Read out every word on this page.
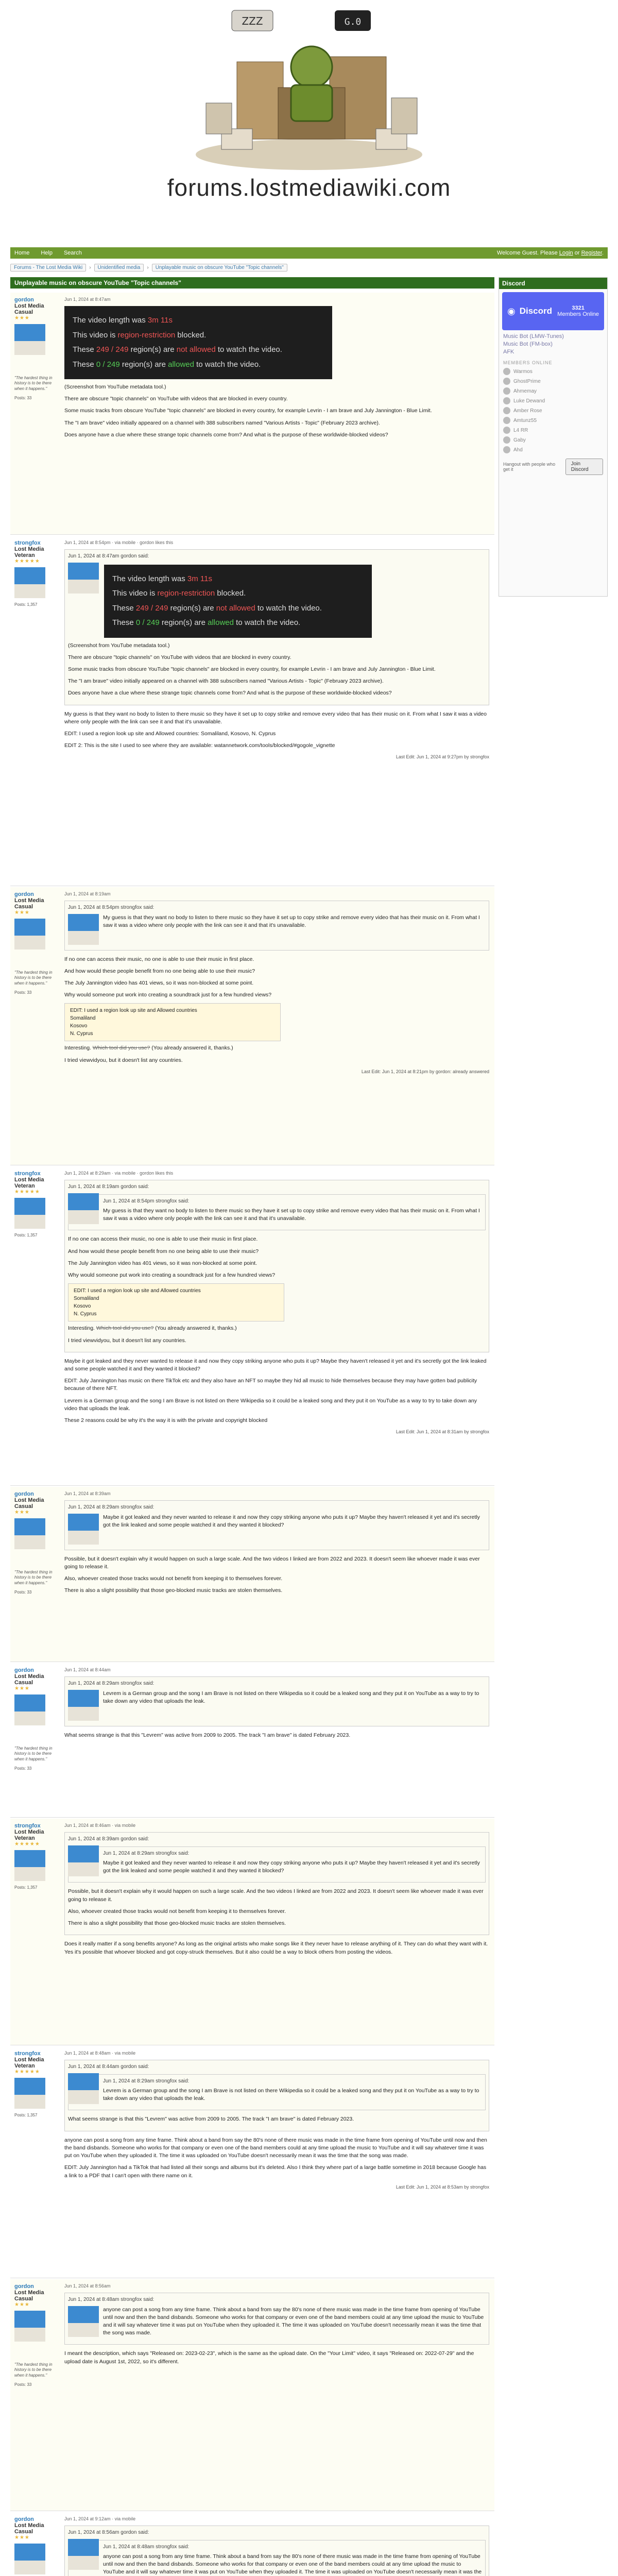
ZZZ	G.0
forums.lostmediawiki.com
Home Help Search	Welcome Guest. Please Login or Register.
Forums - The Lost Media Wiki	›	Unidentified media	›	Unplayable music on obscure YouTube "Topic channels"
Unplayable music on obscure YouTube "Topic channels"	Discord
◉ Discord	3321
Members Online
Music Bot (LMW-Tunes)
Music Bot (FM-box)
AFK
MEMBERS ONLINE
Warmos
GhostPrime
Ahmemay
Luke Dewand
Amber Rose
Amtunz55
L4 RR
Gaby
Ahd
Hangout with people who get it
Join Discord
gordon
Lost Media Casual
★★★
"The hardest thing in history is to be there when it happens."
Posts: 33
Jun 1, 2024 at 8:47am
The video length was 3m 11s
This video is region-restriction blocked.
These 249 / 249 region(s) are not allowed to watch the video.
These 0 / 249 region(s) are allowed to watch the video.

(Screenshot from YouTube metadata tool.)

There are obscure "topic channels" on YouTube with videos that are blocked in every country.

Some music tracks from obscure YouTube "topic channels" are blocked in every country, for example Levrin - I am brave and July Jannington - Blue Limit.

The "I am brave" video initially appeared on a channel with 388 subscribers named "Various Artists - Topic" (February 2023 archive).

Does anyone have a clue where these strange topic channels come from? And what is the purpose of these worldwide-blocked videos?

strongfox
Lost Media Veteran
★★★★★
Posts: 1,357
Jun 1, 2024 at 8:54pm · via mobile · gordon likes this
Jun 1, 2024 at 8:47am gordon said:
The video length was 3m 11s
This video is region-restriction blocked.
These 249 / 249 region(s) are not allowed to watch the video.
These 0 / 249 region(s) are allowed to watch the video.

(Screenshot from YouTube metadata tool.)

There are obscure "topic channels" on YouTube with videos that are blocked in every country.

Some music tracks from obscure YouTube "topic channels" are blocked in every country, for example Levrin - I am brave and July Jannington - Blue Limit.

The "I am brave" video initially appeared on a channel with 388 subscribers named "Various Artists - Topic" (February 2023 archive).

Does anyone have a clue where these strange topic channels come from? And what is the purpose of these worldwide-blocked videos?

My guess is that they want no body to listen to there music so they have it set up to copy strike and remove every video that has their music on it. From what I saw it was a video where only people with the link can see it and that it's unavailable.

EDIT: I used a region look up site and Allowed countries: Somaliland, Kosovo, N. Cyprus

EDIT 2: This is the site I used to see where they are available: watannetwork.com/tools/blocked/#gogole_vignette

Last Edit: Jun 1, 2024 at 9:27pm by strongfox
gordon
Lost Media Casual
★★★
"The hardest thing in history is to be there when it happens."
Posts: 33
Jun 1, 2024 at 8:19am
Jun 1, 2024 at 8:54pm strongfox said:

My guess is that they want no body to listen to there music so they have it set up to copy strike and remove every video that has their music on it. From what I saw it was a video where only people with the link can see it and that it's unavailable.

If no one can access their music, no one is able to use their music in first place.

And how would these people benefit from no one being able to use their music?

The July Jannington video has 401 views, so it was non-blocked at some point.

Why would someone put work into creating a soundtrack just for a few hundred views?

EDIT: I used a region look up site and Allowed countries
Somaliland
Kosovo
N. Cyprus

Interesting. Which tool did you use? (You already answered it, thanks.)

I tried viewvidyou, but it doesn't list any countries.

Last Edit: Jun 1, 2024 at 8:21pm by gordon: already answered
strongfox
Lost Media Veteran
★★★★★
Posts: 1,357
Jun 1, 2024 at 8:29am · via mobile · gordon likes this
Jun 1, 2024 at 8:19am gordon said:
Jun 1, 2024 at 8:54pm strongfox said:

My guess is that they want no body to listen to there music so they have it set up to copy strike and remove every video that has their music on it. From what I saw it was a video where only people with the link can see it and that it's unavailable.

If no one can access their music, no one is able to use their music in first place.

And how would these people benefit from no one being able to use their music?

The July Jannington video has 401 views, so it was non-blocked at some point.

Why would someone put work into creating a soundtrack just for a few hundred views?

EDIT: I used a region look up site and Allowed countries
Somaliland
Kosovo
N. Cyprus

Interesting. Which tool did you use? (You already answered it, thanks.)

I tried viewvidyou, but it doesn't list any countries.

Maybe it got leaked and they never wanted to release it and now they copy striking anyone who puts it up? Maybe they haven't released it yet and it's secretly got the link leaked and some people watched it and they wanted it blocked?

EDIT: July Jannington has music on there TikTok etc and they also have an NFT so maybe they hid all music to hide themselves because they may have gotten bad publicity because of there NFT.

Levrem is a German group and the song I am Brave is not listed on there Wikipedia so it could be a leaked song and they put it on YouTube as a way to try to take down any video that uploads the leak.

These 2 reasons could be why it's the way it is with the private and copyright blocked

Last Edit: Jun 1, 2024 at 8:31am by strongfox
gordon
Lost Media Casual
★★★
"The hardest thing in history is to be there when it happens."
Posts: 33
Jun 1, 2024 at 8:39am
Jun 1, 2024 at 8:29am strongfox said:

Maybe it got leaked and they never wanted to release it and now they copy striking anyone who puts it up? Maybe they haven't released it yet and it's secretly got the link leaked and some people watched it and they wanted it blocked?

Possible, but it doesn't explain why it would happen on such a large scale. And the two videos I linked are from 2022 and 2023. It doesn't seem like whoever made it was ever going to release it.

Also, whoever created those tracks would not benefit from keeping it to themselves forever.

There is also a slight possibility that those geo-blocked music tracks are stolen themselves.

gordon
Lost Media Casual
★★★
"The hardest thing in history is to be there when it happens."
Posts: 33
Jun 1, 2024 at 8:44am
Jun 1, 2024 at 8:29am strongfox said:

Levrem is a German group and the song I am Brave is not listed on there Wikipedia so it could be a leaked song and they put it on YouTube as a way to try to take down any video that uploads the leak.

What seems strange is that this "Levrem" was active from 2009 to 2005. The track "I am brave" is dated February 2023.

strongfox
Lost Media Veteran
★★★★★
Posts: 1,357
Jun 1, 2024 at 8:46am · via mobile
Jun 1, 2024 at 8:39am gordon said:
Jun 1, 2024 at 8:29am strongfox said:

Maybe it got leaked and they never wanted to release it and now they copy striking anyone who puts it up? Maybe they haven't released it yet and it's secretly got the link leaked and some people watched it and they wanted it blocked?

Possible, but it doesn't explain why it would happen on such a large scale. And the two videos I linked are from 2022 and 2023. It doesn't seem like whoever made it was ever going to release it.

Also, whoever created those tracks would not benefit from keeping it to themselves forever.

There is also a slight possibility that those geo-blocked music tracks are stolen themselves.

Does it really matter if a song benefits anyone? As long as the original artists who make songs like it they never have to release anything of it. They can do what they want with it. Yes it's possible that whoever blocked and got copy-struck themselves. But it also could be a way to block others from posting the videos.

strongfox
Lost Media Veteran
★★★★★
Posts: 1,357
Jun 1, 2024 at 8:48am · via mobile
Jun 1, 2024 at 8:44am gordon said:
Jun 1, 2024 at 8:29am strongfox said:

Levrem is a German group and the song I am Brave is not listed on there Wikipedia so it could be a leaked song and they put it on YouTube as a way to try to take down any video that uploads the leak.

What seems strange is that this "Levrem" was active from 2009 to 2005. The track "I am brave" is dated February 2023.

anyone can post a song from any time frame. Think about a band from say the 80's none of there music was made in the time frame from opening of YouTube until now and then the band disbands. Someone who works for that company or even one of the band members could at any time upload the music to YouTube and it will say whatever time it was put on YouTube when they uploaded it. The time it was uploaded on YouTube doesn't necessarily mean it was the time that the song was made.

EDIT: July Jannington had a TikTok that had listed all their songs and albums but it's deleted. Also I think they where part of a large battle sometime in 2018 because Google has a link to a PDF that I can't open with there name on it.

Last Edit: Jun 1, 2024 at 8:53am by strongfox
gordon
Lost Media Casual
★★★
"The hardest thing in history is to be there when it happens."
Posts: 33
Jun 1, 2024 at 8:56am
Jun 1, 2024 at 8:48am strongfox said:

anyone can post a song from any time frame. Think about a band from say the 80's none of there music was made in the time frame from opening of YouTube until now and then the band disbands. Someone who works for that company or even one of the band members could at any time upload the music to YouTube and it will say whatever time it was put on YouTube when they uploaded it. The time it was uploaded on YouTube doesn't necessarily mean it was the time that the song was made.

I meant the description, which says "Released on: 2023-02-23", which is the same as the upload date. On the "Your Limit" video, it says "Released on: 2022-07-29" and the upload date is August 1st, 2022, so it's different.

gordon
Lost Media Casual
★★★
Jun 1, 2024 at 9:12am · via mobile
Jun 1, 2024 at 8:56am gordon said:
Jun 1, 2024 at 8:48am strongfox said:

anyone can post a song from any time frame. Think about a band from say the 80's none of there music was made in the time frame from opening of YouTube until now and then the band disbands. Someone who works for that company or even one of the band members could at any time upload the music to YouTube and it will say whatever time it was put on YouTube when they uploaded it. The time it was uploaded on YouTube doesn't necessarily mean it was the
